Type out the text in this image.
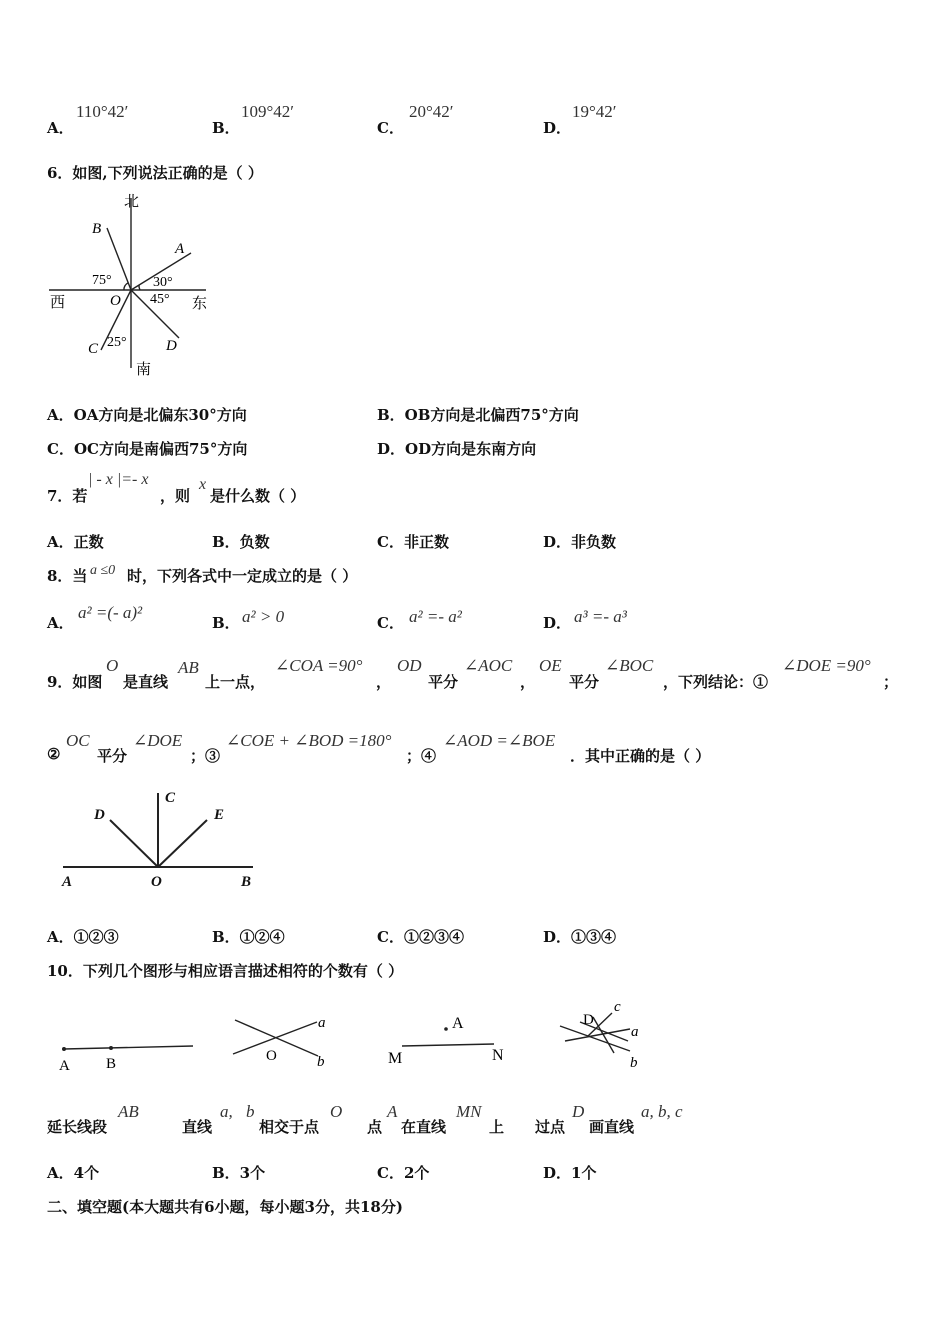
A．
110°42′
B．
109°42′
C．
20°42′
D．
19°42′
6．如图,下列说法正确的是（ ）
北
南
西	东
B
A
C	D
O
75°	30°
45°
25°
A．OA方向是北偏东30°方向	B．OB方向是北偏西75°方向
C．OC方向是南偏西75°方向	D．OD方向是东南方向
7．若
| - x |=- x
，则
x
是什么数（ ）
A．正数	B．负数	C．非正数	D．非负数
8．当 a ≤0 时，下列各式中一定成立的是（ ）
A．
a² =(- a)²
B． a² > 0	C． a² =- a²	D． a³ =- a³
9．如图
O
是直线
AB
上一点，
∠COA =90°
，
OD
平分
∠AOC
，
OE
平分
∠BOC
，下列结论：①
∠DOE =90°
；
②
OC
平分
∠DOE
；③
∠COE + ∠BOD =180°
；④
∠AOD =∠BOE
．其中正确的是（ ）
A	O	B
C
D	E
A．①②③	B．①②④	C．①②③④	D．①③④
10．下列几个图形与相应语言描述相符的个数有（ ）
A B
a
b
O
A
M	N
D
c
a
b
延长线段
AB
直线
a, b
相交于点
O
点
A
在直线
MN
上 过点
D
画直线
a, b, c
A．4个	B．3个	C．2个	D．1个
二、填空题(本大题共有6小题，每小题3分，共18分)
